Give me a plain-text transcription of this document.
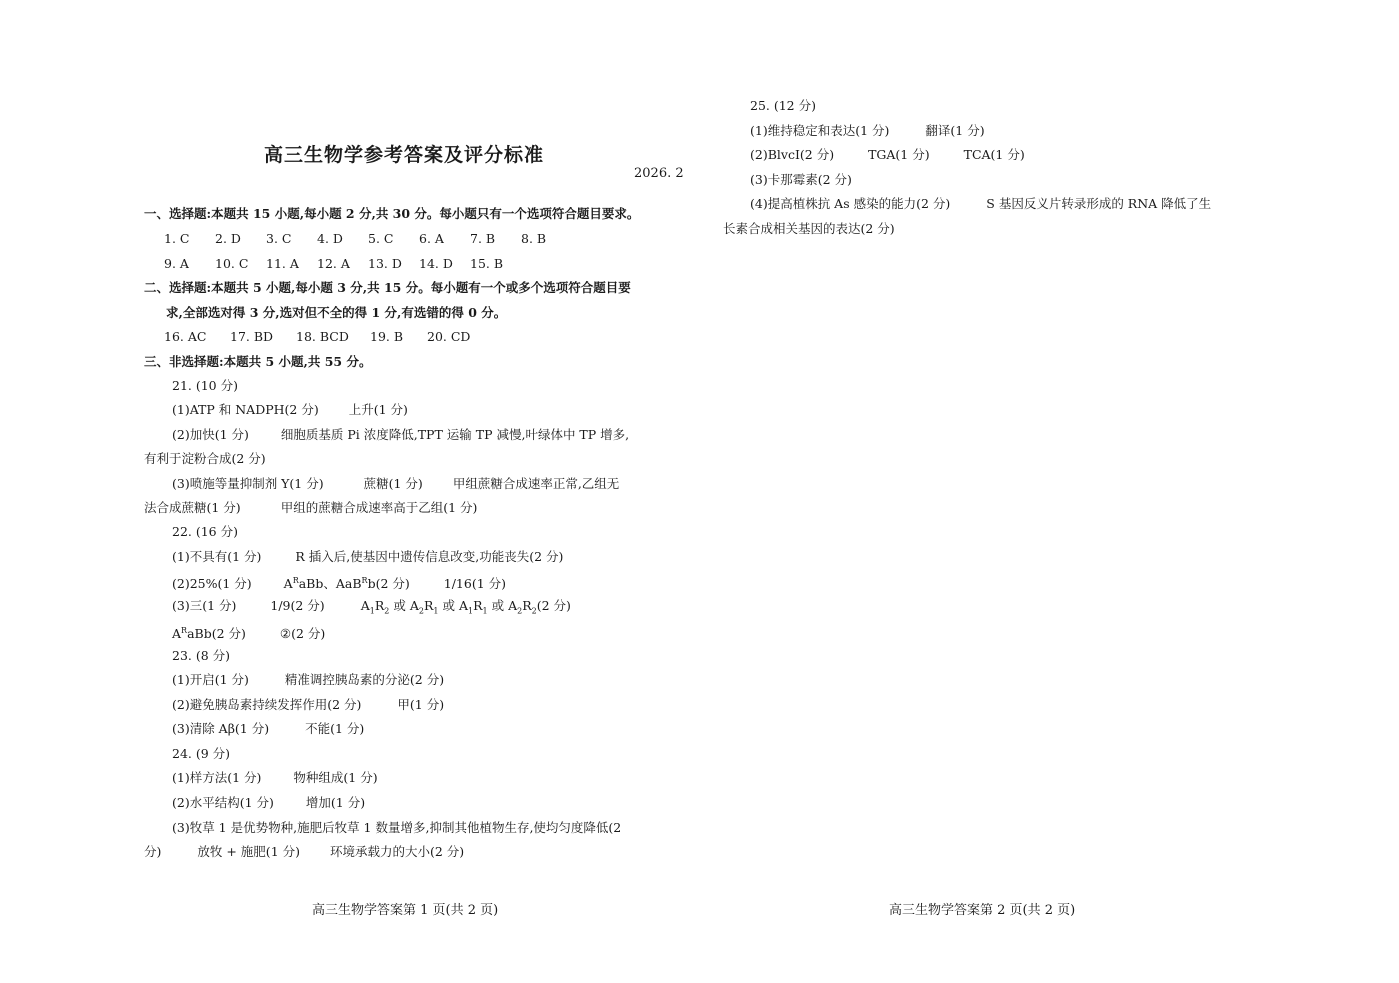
高三生物学参考答案及评分标准
2026. 2
一、选择题:本题共 15 小题,每小题 2 分,共 30 分。每小题只有一个选项符合题目要求。
1. C 2. D 3. C 4. D 5. C 6. A 7. B 8. B
9. A 10. C 11. A 12. A 13. D 14. D 15. B
二、选择题:本题共 5 小题,每小题 3 分,共 15 分。每小题有一个或多个选项符合题目要
求,全部选对得 3 分,选对但不全的得 1 分,有选错的得 0 分。
16. AC 17. BD 18. BCD 19. B 20. CD
三、非选择题:本题共 5 小题,共 55 分。
21. (10 分)
(1)ATP 和 NADPH(2 分) 上升(1 分)
(2)加快(1 分)	细胞质基质 Pi 浓度降低,TPT 运输 TP 减慢,叶绿体中 TP 增多,
有利于淀粉合成(2 分)
(3)喷施等量抑制剂 Y(1 分)	蔗糖(1 分) 甲组蔗糖合成速率正常,乙组无
法合成蔗糖(1 分)	甲组的蔗糖合成速率高于乙组(1 分)
22. (16 分)
(1)不具有(1 分)	R 插入后,使基因中遗传信息改变,功能丧失(2 分)
(2)25%(1 分)	$A^RaBb$、AaB$^R$b(2 分)	1/16(1 分)
(3)三(1 分)	1/9(2 分)	$A_1R_2$ 或 $A_2R_1$ 或 $A_1R_1$ 或 $A_2R_2(2$ 分)
$A^RaBb(2$ 分)	②(2 分)
23. (8 分)
(1)开启(1 分)	精准调控胰岛素的分泌(2 分)
(2)避免胰岛素持续发挥作用(2 分)	甲(1 分)
(3)清除 Aβ(1 分)	不能(1 分)
24. (9 分)
(1)样方法(1 分)	物种组成(1 分)
(2)水平结构(1 分)	增加(1 分)
(3)牧草 1 是优势物种,施肥后牧草 1 数量增多,抑制其他植物生存,使均匀度降低(2
分)	放牧 + 施肥(1 分) 环境承载力的大小(2 分)
高三生物学答案第 1 页(共 2 页)
25. (12 分)
(1)维持稳定和表达(1 分)	翻译(1 分)
(2)BlvcⅠ(2 分)	TGA(1 分)	TCA(1 分)
(3)卡那霉素(2 分)
(4)提高植株抗 As 感染的能力(2 分)	S 基因反义片转录形成的 RNA 降低了生
长素合成相关基因的表达(2 分)
高三生物学答案第 2 页(共 2 页)
